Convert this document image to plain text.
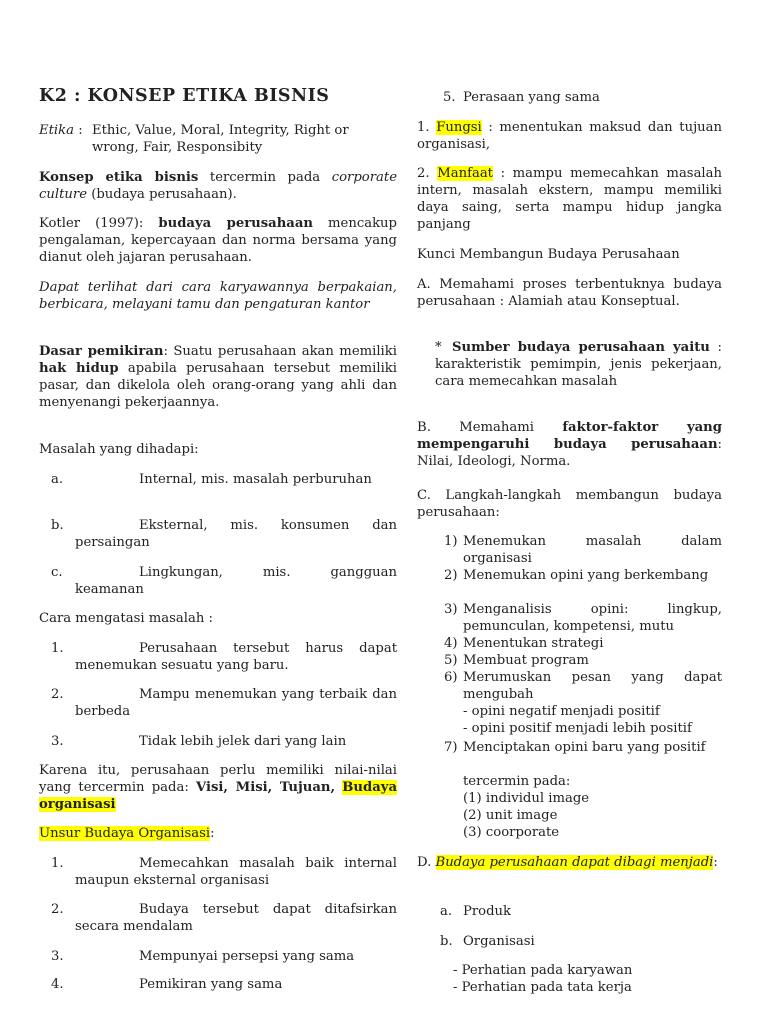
K2 : KONSEP ETIKA BISNIS
Etika : Ethic, Value, Moral, Integrity, Right or wrong, Fair, Responsibity
Konsep etika bisnis tercermin pada corporate culture (budaya perusahaan).
Kotler (1997): budaya perusahaan mencakup pengalaman, kepercayaan dan norma bersama yang dianut oleh jajaran perusahaan.
Dapat terlihat dari cara karyawannya berpakaian, berbicara, melayani tamu dan pengaturan kantor
Dasar pemikiran: Suatu perusahaan akan memiliki hak hidup apabila perusahaan tersebut memiliki pasar, dan dikelola oleh orang-orang yang ahli dan menyenangi pekerjaannya.
Masalah yang dihadapi:
a.	Internal, mis. masalah perburuhan
b.	Eksternal, mis. konsumen dan persaingan
c.	Lingkungan, mis. gangguan keamanan
Cara mengatasi masalah :
1.	Perusahaan tersebut harus dapat menemukan sesuatu yang baru.
2.	Mampu menemukan yang terbaik dan berbeda
3.	Tidak lebih jelek dari yang lain
Karena itu, perusahaan perlu memiliki nilai-nilai yang tercermin pada: Visi, Misi, Tujuan, Budaya organisasi
Unsur Budaya Organisasi:
1.	Memecahkan masalah baik internal maupun eksternal organisasi
2.	Budaya tersebut dapat ditafsirkan secara mendalam
3.	Mempunyai persepsi yang sama
4.	Pemikiran yang sama
5. Perasaan yang sama
1. Fungsi : menentukan maksud dan tujuan organisasi,
2. Manfaat : mampu memecahkan masalah intern, masalah ekstern, mampu memiliki daya saing, serta mampu hidup jangka panjang
Kunci Membangun Budaya Perusahaan
A. Memahami proses terbentuknya budaya perusahaan : Alamiah atau Konseptual.
* Sumber budaya perusahaan yaitu : karakteristik pemimpin, jenis pekerjaan, cara memecahkan masalah
B. Memahami faktor-faktor yang mempengaruhi budaya perusahaan: Nilai, Ideologi, Norma.
C. Langkah-langkah membangun budaya perusahaan:
1) Menemukan masalah dalam organisasi
2) Menemukan opini yang berkembang
3) Menganalisis opini: lingkup, pemunculan, kompetensi, mutu
4) Menentukan strategi
5) Membuat program
6) Merumuskan pesan yang dapat mengubah
- opini negatif menjadi positif
- opini positif menjadi lebih positif
7) Menciptakan opini baru yang positif
tercermin pada:
(1) individul image
(2) unit image
(3) coorporate
D. Budaya perusahaan dapat dibagi menjadi:
a. Produk
b. Organisasi
- Perhatian pada karyawan
- Perhatian pada tata kerja
